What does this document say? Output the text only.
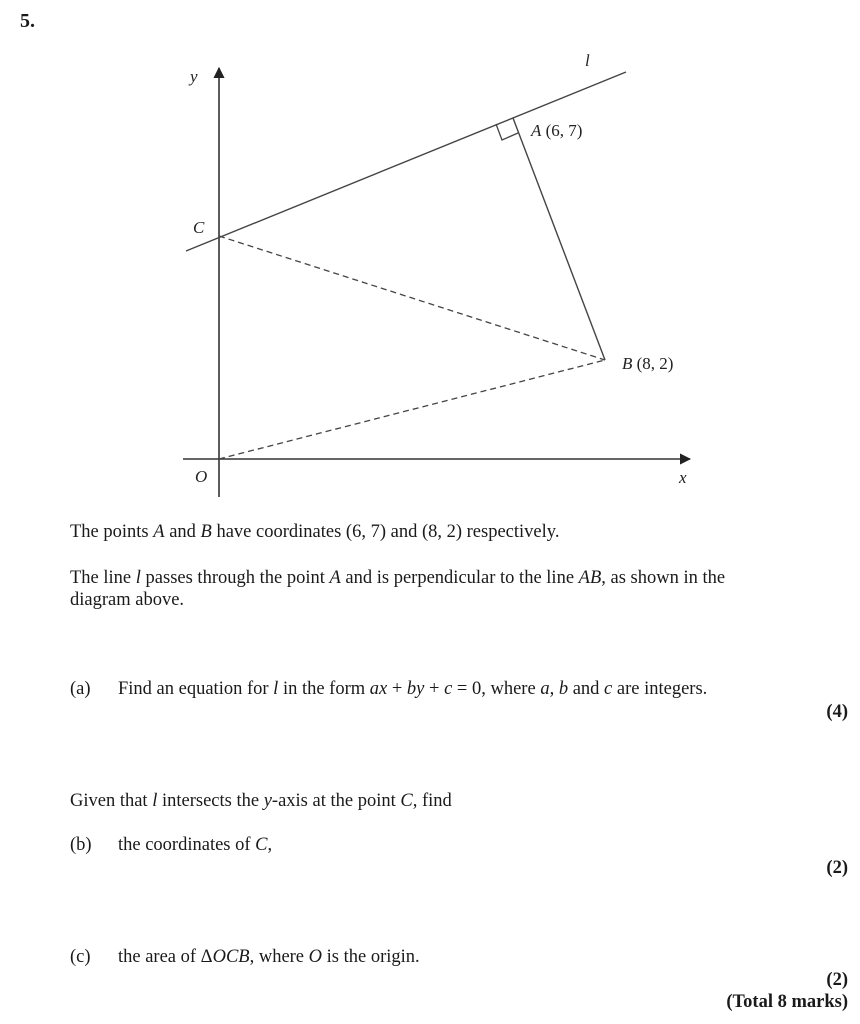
5.
y
x
O
C
l
A (6, 7)
B (8, 2)
The points A and B have coordinates (6, 7) and (8, 2) respectively.
The line l passes through the point A and is perpendicular to the line AB, as shown in the
diagram above.
(a) Find an equation for l in the form ax + by + c = 0, where a, b and c are integers.
(4)
Given that l intersects the y-axis at the point C, find
(b) the coordinates of C,
(2)
(c) the area of ΔOCB, where O is the origin.
(2)
(Total 8 marks)
